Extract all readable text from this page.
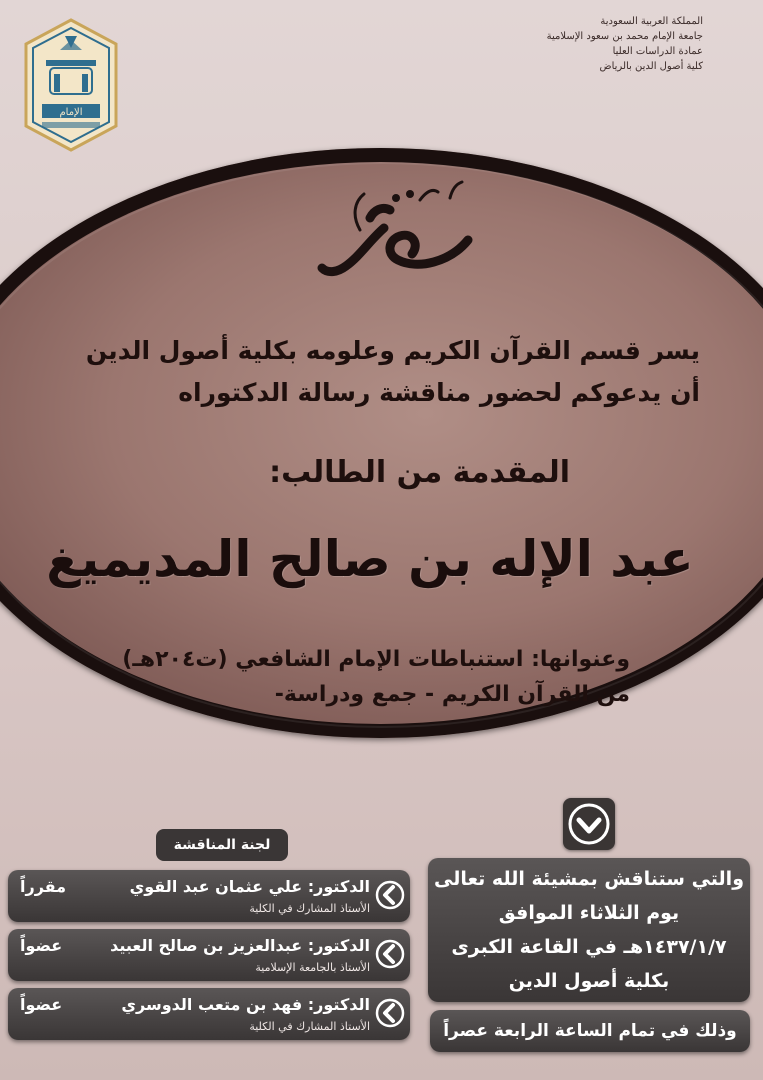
المملكة العربية السعودية
جامعة الإمام محمد بن سعود الإسلامية
عمادة الدراسات العليا
كلية أصول الدين بالرياض
الإمام
يسر قسم القرآن الكريم وعلومه بكلية أصول الدين
أن يدعوكم لحضور مناقشة رسالة الدكتوراه
المقدمة من الطالب:
عبد الإله بن صالح المديميغ
وعنوانها: استنباطات الإمام الشافعي (ت٢٠٤هـ)
من القرآن الكريم - جمع ودراسة-
والتي ستناقش بمشيئة الله تعالى
يوم الثلاثاء الموافق
١٤٣٧/١/٧هـ في القاعة الكبرى
بكلية أصول الدين
وذلك في تمام الساعة الرابعة عصراً
لجنة المناقشة
الدكتور: علي عثمان عبد القوي
الأستاذ المشارك في الكلية
مقرراً
الدكتور: عبدالعزيز بن صالح العبيد
الأستاذ بالجامعة الإسلامية
عضواً
الدكتور: فهد بن متعب الدوسري
الأستاذ المشارك في الكلية
عضواً
